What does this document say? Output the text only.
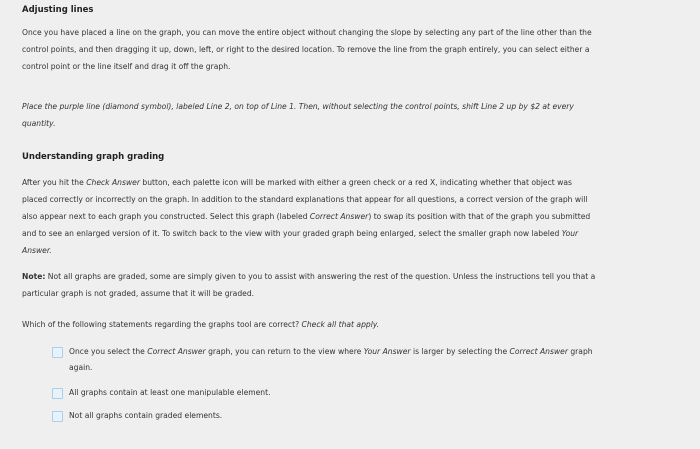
Adjusting lines
Once you have placed a line on the graph, you can move the entire object without changing the slope by selecting any part of the line other than the
control points, and then dragging it up, down, left, or right to the desired location. To remove the line from the graph entirely, you can select either a
control point or the line itself and drag it off the graph.
Place the purple line (diamond symbol), labeled Line 2, on top of Line 1. Then, without selecting the control points, shift Line 2 up by $2 at every
quantity.
Understanding graph grading
After you hit the Check Answer button, each palette icon will be marked with either a green check or a red X, indicating whether that object was
placed correctly or incorrectly on the graph. In addition to the standard explanations that appear for all questions, a correct version of the graph will
also appear next to each graph you constructed. Select this graph (labeled Correct Answer) to swap its position with that of the graph you submitted
and to see an enlarged version of it. To switch back to the view with your graded graph being enlarged, select the smaller graph now labeled Your
Answer.
Note: Not all graphs are graded, some are simply given to you to assist with answering the rest of the question. Unless the instructions tell you that a
particular graph is not graded, assume that it will be graded.
Which of the following statements regarding the graphs tool are correct? Check all that apply.
Once you select the Correct Answer graph, you can return to the view where Your Answer is larger by selecting the Correct Answer graph
again.
All graphs contain at least one manipulable element.
Not all graphs contain graded elements.
